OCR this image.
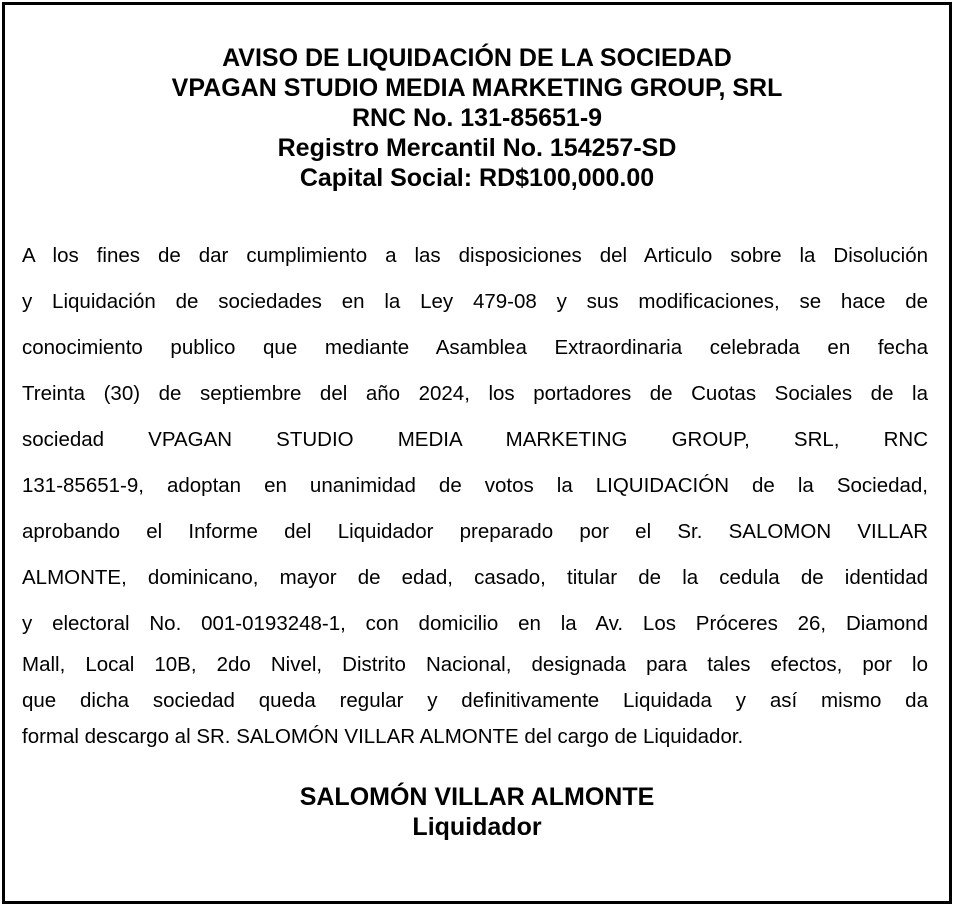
AVISO DE LIQUIDACIÓN DE LA SOCIEDAD
VPAGAN STUDIO MEDIA MARKETING GROUP, SRL
RNC No. 131-85651-9
Registro Mercantil No. 154257-SD
Capital Social: RD$100,000.00
A los fines de dar cumplimiento a las disposiciones del Articulo sobre la Disolución
y Liquidación de sociedades en la Ley 479-08 y sus modificaciones, se hace de
conocimiento publico que mediante Asamblea Extraordinaria celebrada en fecha
Treinta (30) de septiembre del año 2024, los portadores de Cuotas Sociales de la
sociedad VPAGAN STUDIO MEDIA MARKETING GROUP, SRL, RNC
131-85651-9, adoptan en unanimidad de votos la LIQUIDACIÓN de la Sociedad,
aprobando el Informe del Liquidador preparado por el Sr. SALOMON VILLAR
ALMONTE, dominicano, mayor de edad, casado, titular de la cedula de identidad
y electoral No. 001-0193248-1, con domicilio en la Av. Los Próceres 26, Diamond
Mall, Local 10B, 2do Nivel, Distrito Nacional, designada para tales efectos, por lo
que dicha sociedad queda regular y definitivamente Liquidada y así mismo da
formal descargo al SR. SALOMÓN VILLAR ALMONTE del cargo de Liquidador.
SALOMÓN VILLAR ALMONTE
Liquidador
